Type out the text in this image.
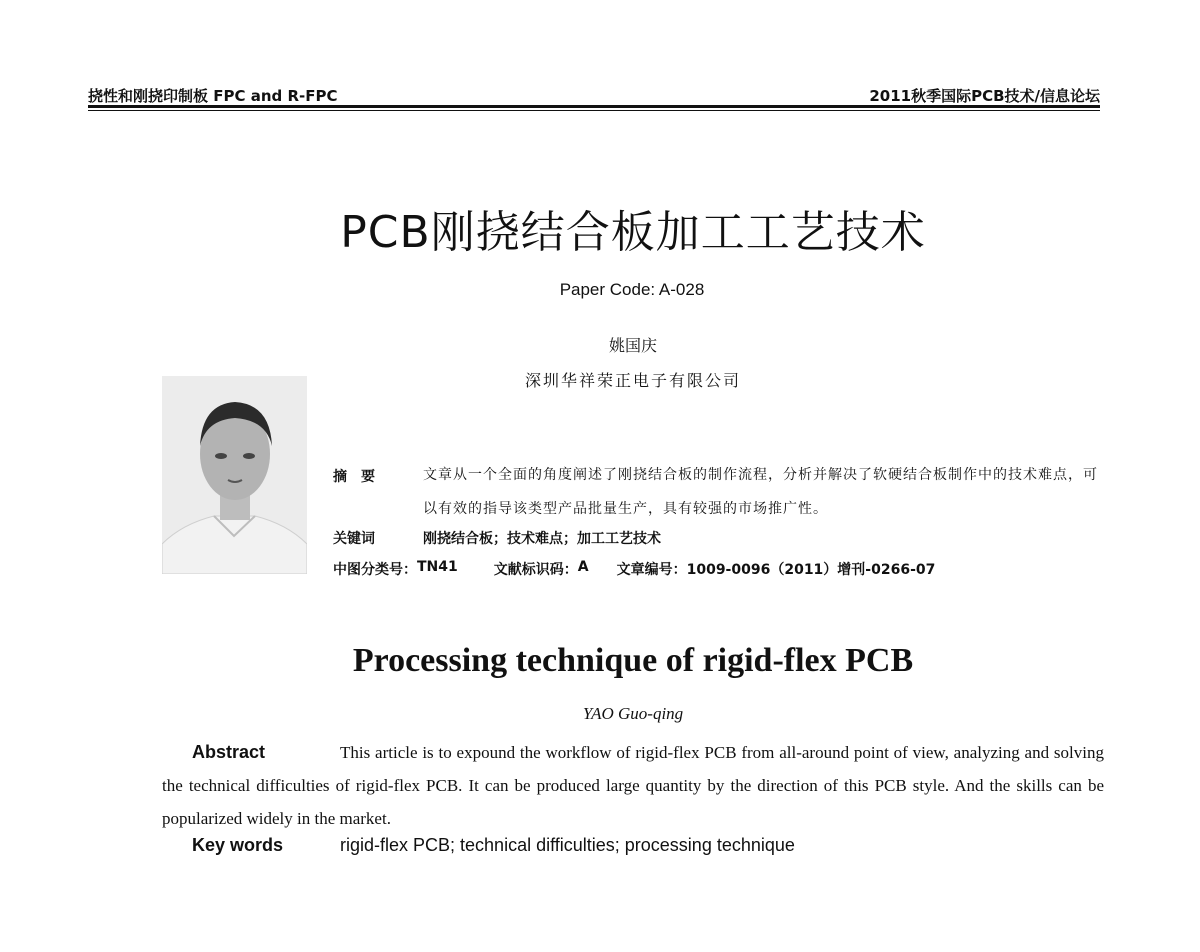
挠性和刚挠印制板 FPC and R-FPC	2011秋季国际PCB技术/信息论坛
PCB刚挠结合板加工工艺技术
Paper Code: A-028
姚国庆
深圳华祥荣正电子有限公司
摘要	文章从一个全面的角度阐述了刚挠结合板的制作流程，分析并解决了软硬结合板制作中的技术难点，可以有效的指导该类型产品批量生产，具有较强的市场推广性。
关键词	刚挠结合板；技术难点；加工工艺技术
中图分类号： TN41	文献标识码： A 文章编号： 1009-0096（2011）增刊-0266-07
Processing technique of rigid-flex PCB
YAO Guo-qing
Abstract	This article is to expound the workflow of rigid-flex PCB from all-around point of view, analyzing and solving the technical difficulties of rigid-flex PCB. It can be produced large quantity by the direction of this PCB style. And the skills can be popularized widely in the market.
Key words	rigid-flex PCB; technical difficulties; processing technique
